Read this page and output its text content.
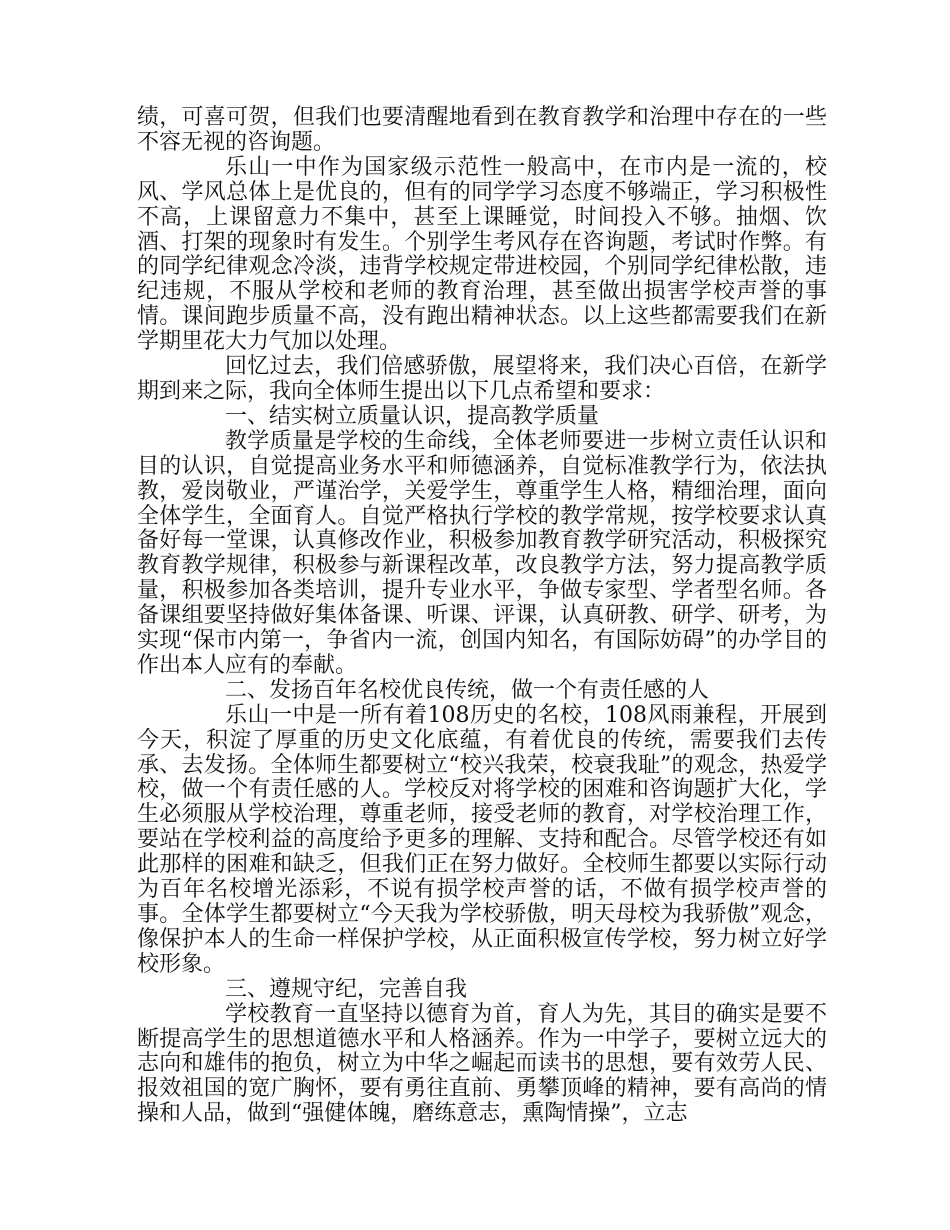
绩，可喜可贺，但我们也要清醒地看到在教育教学和治理中存在的一些不容无视的咨询题。

乐山一中作为国家级示范性一般高中，在市内是一流的，校风、学风总体上是优良的，但有的同学学习态度不够端正，学习积极性不高，上课留意力不集中，甚至上课睡觉，时间投入不够。抽烟、饮酒、打架的现象时有发生。个别学生考风存在咨询题，考试时作弊。有的同学纪律观念冷淡，违背学校规定带进校园，个别同学纪律松散，违纪违规，不服从学校和老师的教育治理，甚至做出损害学校声誉的事情。课间跑步质量不高，没有跑出精神状态。以上这些都需要我们在新学期里花大力气加以处理。

回忆过去，我们倍感骄傲，展望将来，我们决心百倍，在新学期到来之际，我向全体师生提出以下几点希望和要求：

一、结实树立质量认识，提高教学质量

教学质量是学校的生命线，全体老师要进一步树立责任认识和目的认识，自觉提高业务水平和师德涵养，自觉标准教学行为，依法执教，爱岗敬业，严谨治学，关爱学生，尊重学生人格，精细治理，面向全体学生，全面育人。自觉严格执行学校的教学常规，按学校要求认真备好每一堂课，认真修改作业，积极参加教育教学研究活动，积极探究教育教学规律，积极参与新课程改革，改良教学方法，努力提高教学质量，积极参加各类培训，提升专业水平，争做专家型、学者型名师。各备课组要坚持做好集体备课、听课、评课，认真研教、研学、研考，为实现“保市内第一，争省内一流，创国内知名，有国际妨碍”的办学目的作出本人应有的奉献。

二、发扬百年名校优良传统，做一个有责任感的人

乐山一中是一所有着108历史的名校，108风雨兼程，开展到今天，积淀了厚重的历史文化底蕴，有着优良的传统，需要我们去传承、去发扬。全体师生都要树立“校兴我荣，校衰我耻”的观念，热爱学校，做一个有责任感的人。学校反对将学校的困难和咨询题扩大化，学生必须服从学校治理，尊重老师，接受老师的教育，对学校治理工作，要站在学校利益的高度给予更多的理解、支持和配合。尽管学校还有如此那样的困难和缺乏，但我们正在努力做好。全校师生都要以实际行动为百年名校增光添彩，不说有损学校声誉的话，不做有损学校声誉的事。全体学生都要树立“今天我为学校骄傲，明天母校为我骄傲”观念，像保护本人的生命一样保护学校，从正面积极宣传学校，努力树立好学校形象。

三、遵规守纪，完善自我

学校教育一直坚持以德育为首，育人为先，其目的确实是要不断提高学生的思想道德水平和人格涵养。作为一中学子，要树立远大的志向和雄伟的抱负，树立为中华之崛起而读书的思想，要有效劳人民、报效祖国的宽广胸怀，要有勇往直前、勇攀顶峰的精神，要有高尚的情操和人品，做到“强健体魄，磨练意志，熏陶情操”，立志
